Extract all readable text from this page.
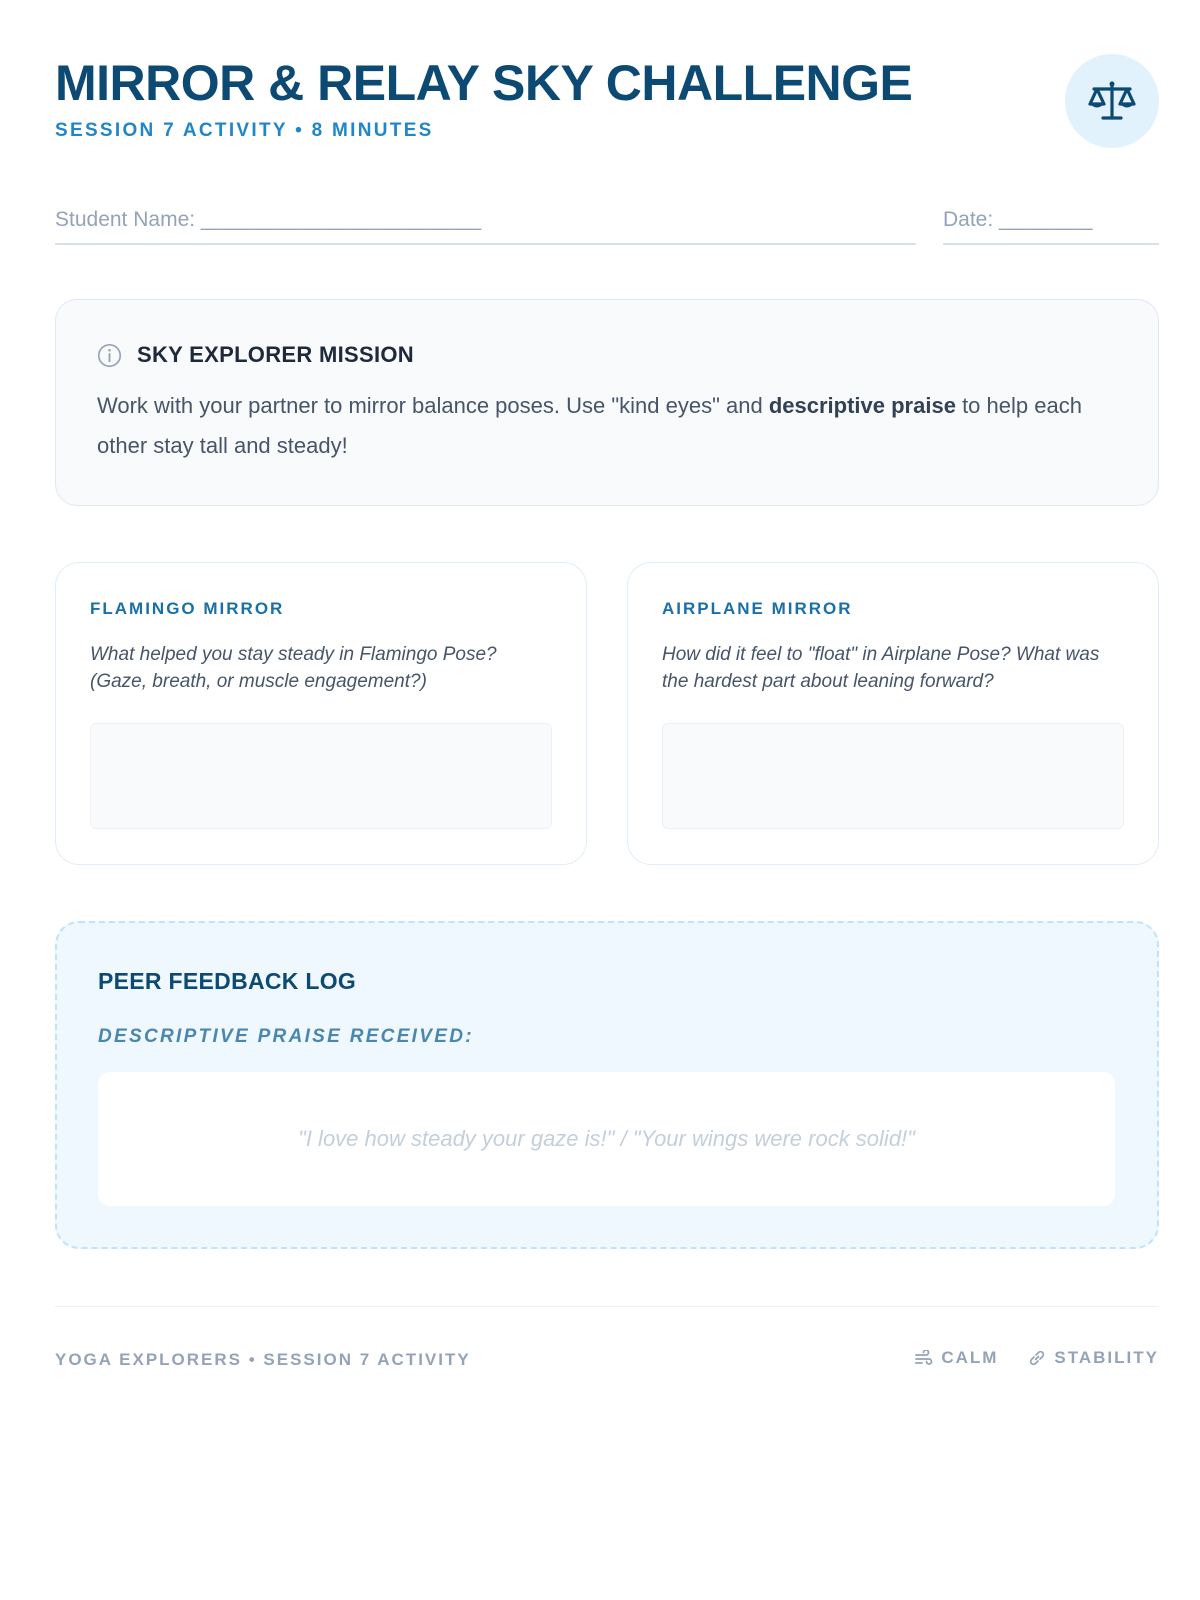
MIRROR & RELAY SKY CHALLENGE
SESSION 7 ACTIVITY • 8 MINUTES
Student Name: ________________________	Date: ________
SKY EXPLORER MISSION
Work with your partner to mirror balance poses. Use "kind eyes" and descriptive praise to help each other stay tall and steady!
FLAMINGO MIRROR
What helped you stay steady in Flamingo Pose? (Gaze, breath, or muscle engagement?)
AIRPLANE MIRROR
How did it feel to "float" in Airplane Pose? What was the hardest part about leaning forward?
PEER FEEDBACK LOG
DESCRIPTIVE PRAISE RECEIVED:
"I love how steady your gaze is!" / "Your wings were rock solid!"
YOGA EXPLORERS • SESSION 7 ACTIVITY	CALM	STABILITY
